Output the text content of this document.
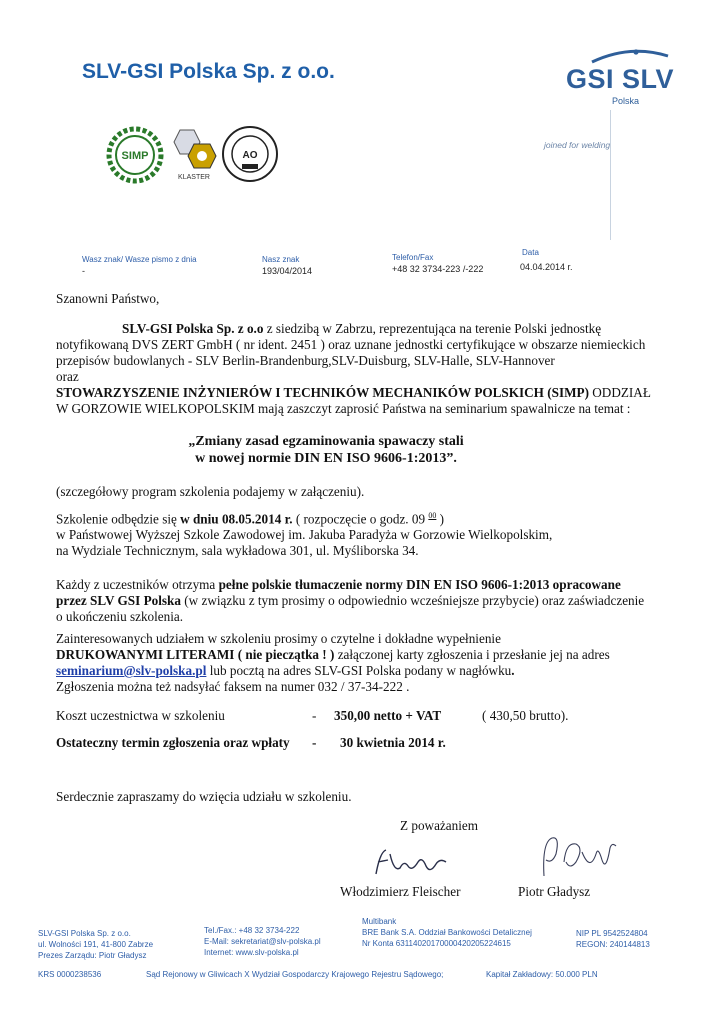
SLV-GSI Polska Sp. z o.o.	GSI SLV
Polska
joined for welding
SIMP
KLASTER
AO
Wasz znak/ Wasze pismo z dnia
-
Nasz znak
193/04/2014
Telefon/Fax
+48 32 3734-223 /-222
Data
04.04.2014 r.
Szanowni Państwo,
SLV-GSI Polska Sp. z o.o z siedzibą w Zabrzu, reprezentująca na terenie Polski jednostkę
notyfikowaną DVS ZERT GmbH ( nr ident. 2451 ) oraz uznane jednostki certyfikujące w obszarze niemieckich
przepisów budowlanych - SLV Berlin-Brandenburg,SLV-Duisburg, SLV-Halle, SLV-Hannover
oraz
STOWARZYSZENIE INŻYNIERÓW I TECHNIKÓW MECHANIKÓW POLSKICH (SIMP) ODDZIAŁ
W GORZOWIE WIELKOPOLSKIM mają zaszczyt zaprosić Państwa na seminarium spawalnicze na temat :
„Zmiany zasad egzaminowania spawaczy stali
w nowej normie DIN EN ISO 9606-1:2013”.
(szczegółowy program szkolenia podajemy w załączeniu).
Szkolenie odbędzie się w dniu 08.05.2014 r. ( rozpoczęcie o godz. 09 $^{00}$ )
w Państwowej Wyższej Szkole Zawodowej im. Jakuba Paradyża w Gorzowie Wielkopolskim,
na Wydziale Technicznym, sala wykładowa 301, ul. Myśliborska 34.
Każdy z uczestników otrzyma pełne polskie tłumaczenie normy DIN EN ISO 9606-1:2013 opracowane
przez SLV GSI Polska (w związku z tym prosimy o odpowiednio wcześniejsze przybycie) oraz zaświadczenie
o ukończeniu szkolenia.
Zainteresowanych udziałem w szkoleniu prosimy o czytelne i dokładne wypełnienie
DRUKOWANYMI LITERAMI ( nie pieczątka ! ) załączonej karty zgłoszenia i przesłanie jej na adres
seminarium@slv-polska.pl lub pocztą na adres SLV-GSI Polska podany w nagłówku.
Zgłoszenia można też nadsyłać faksem na numer 032 / 37-34-222 .
Koszt uczestnictwa w szkoleniu	- 350,00 netto + VAT	( 430,50 brutto).
Ostateczny termin zgłoszenia oraz wpłaty - 30 kwietnia 2014 r.
Serdecznie zapraszamy do wzięcia udziału w szkoleniu.
Z poważaniem
Włodzimierz Fleischer	Piotr Gładysz
SLV-GSI Polska Sp. z o.o.
ul. Wolności 191, 41-800 Zabrze
Prezes Zarządu: Piotr Gładysz
Tel./Fax.: +48 32 3734-222
E-Mail: sekretariat@slv-polska.pl
Internet: www.slv-polska.pl
Multibank
BRE Bank S.A. Oddział Bankowości Detalicznej
Nr Konta 63114020170000420205224615
NIP PL 9542524804
REGON: 240144813
KRS 0000238536	Sąd Rejonowy w Gliwicach X Wydział Gospodarczy Krajowego Rejestru Sądowego;	Kapitał Zakładowy: 50.000 PLN
